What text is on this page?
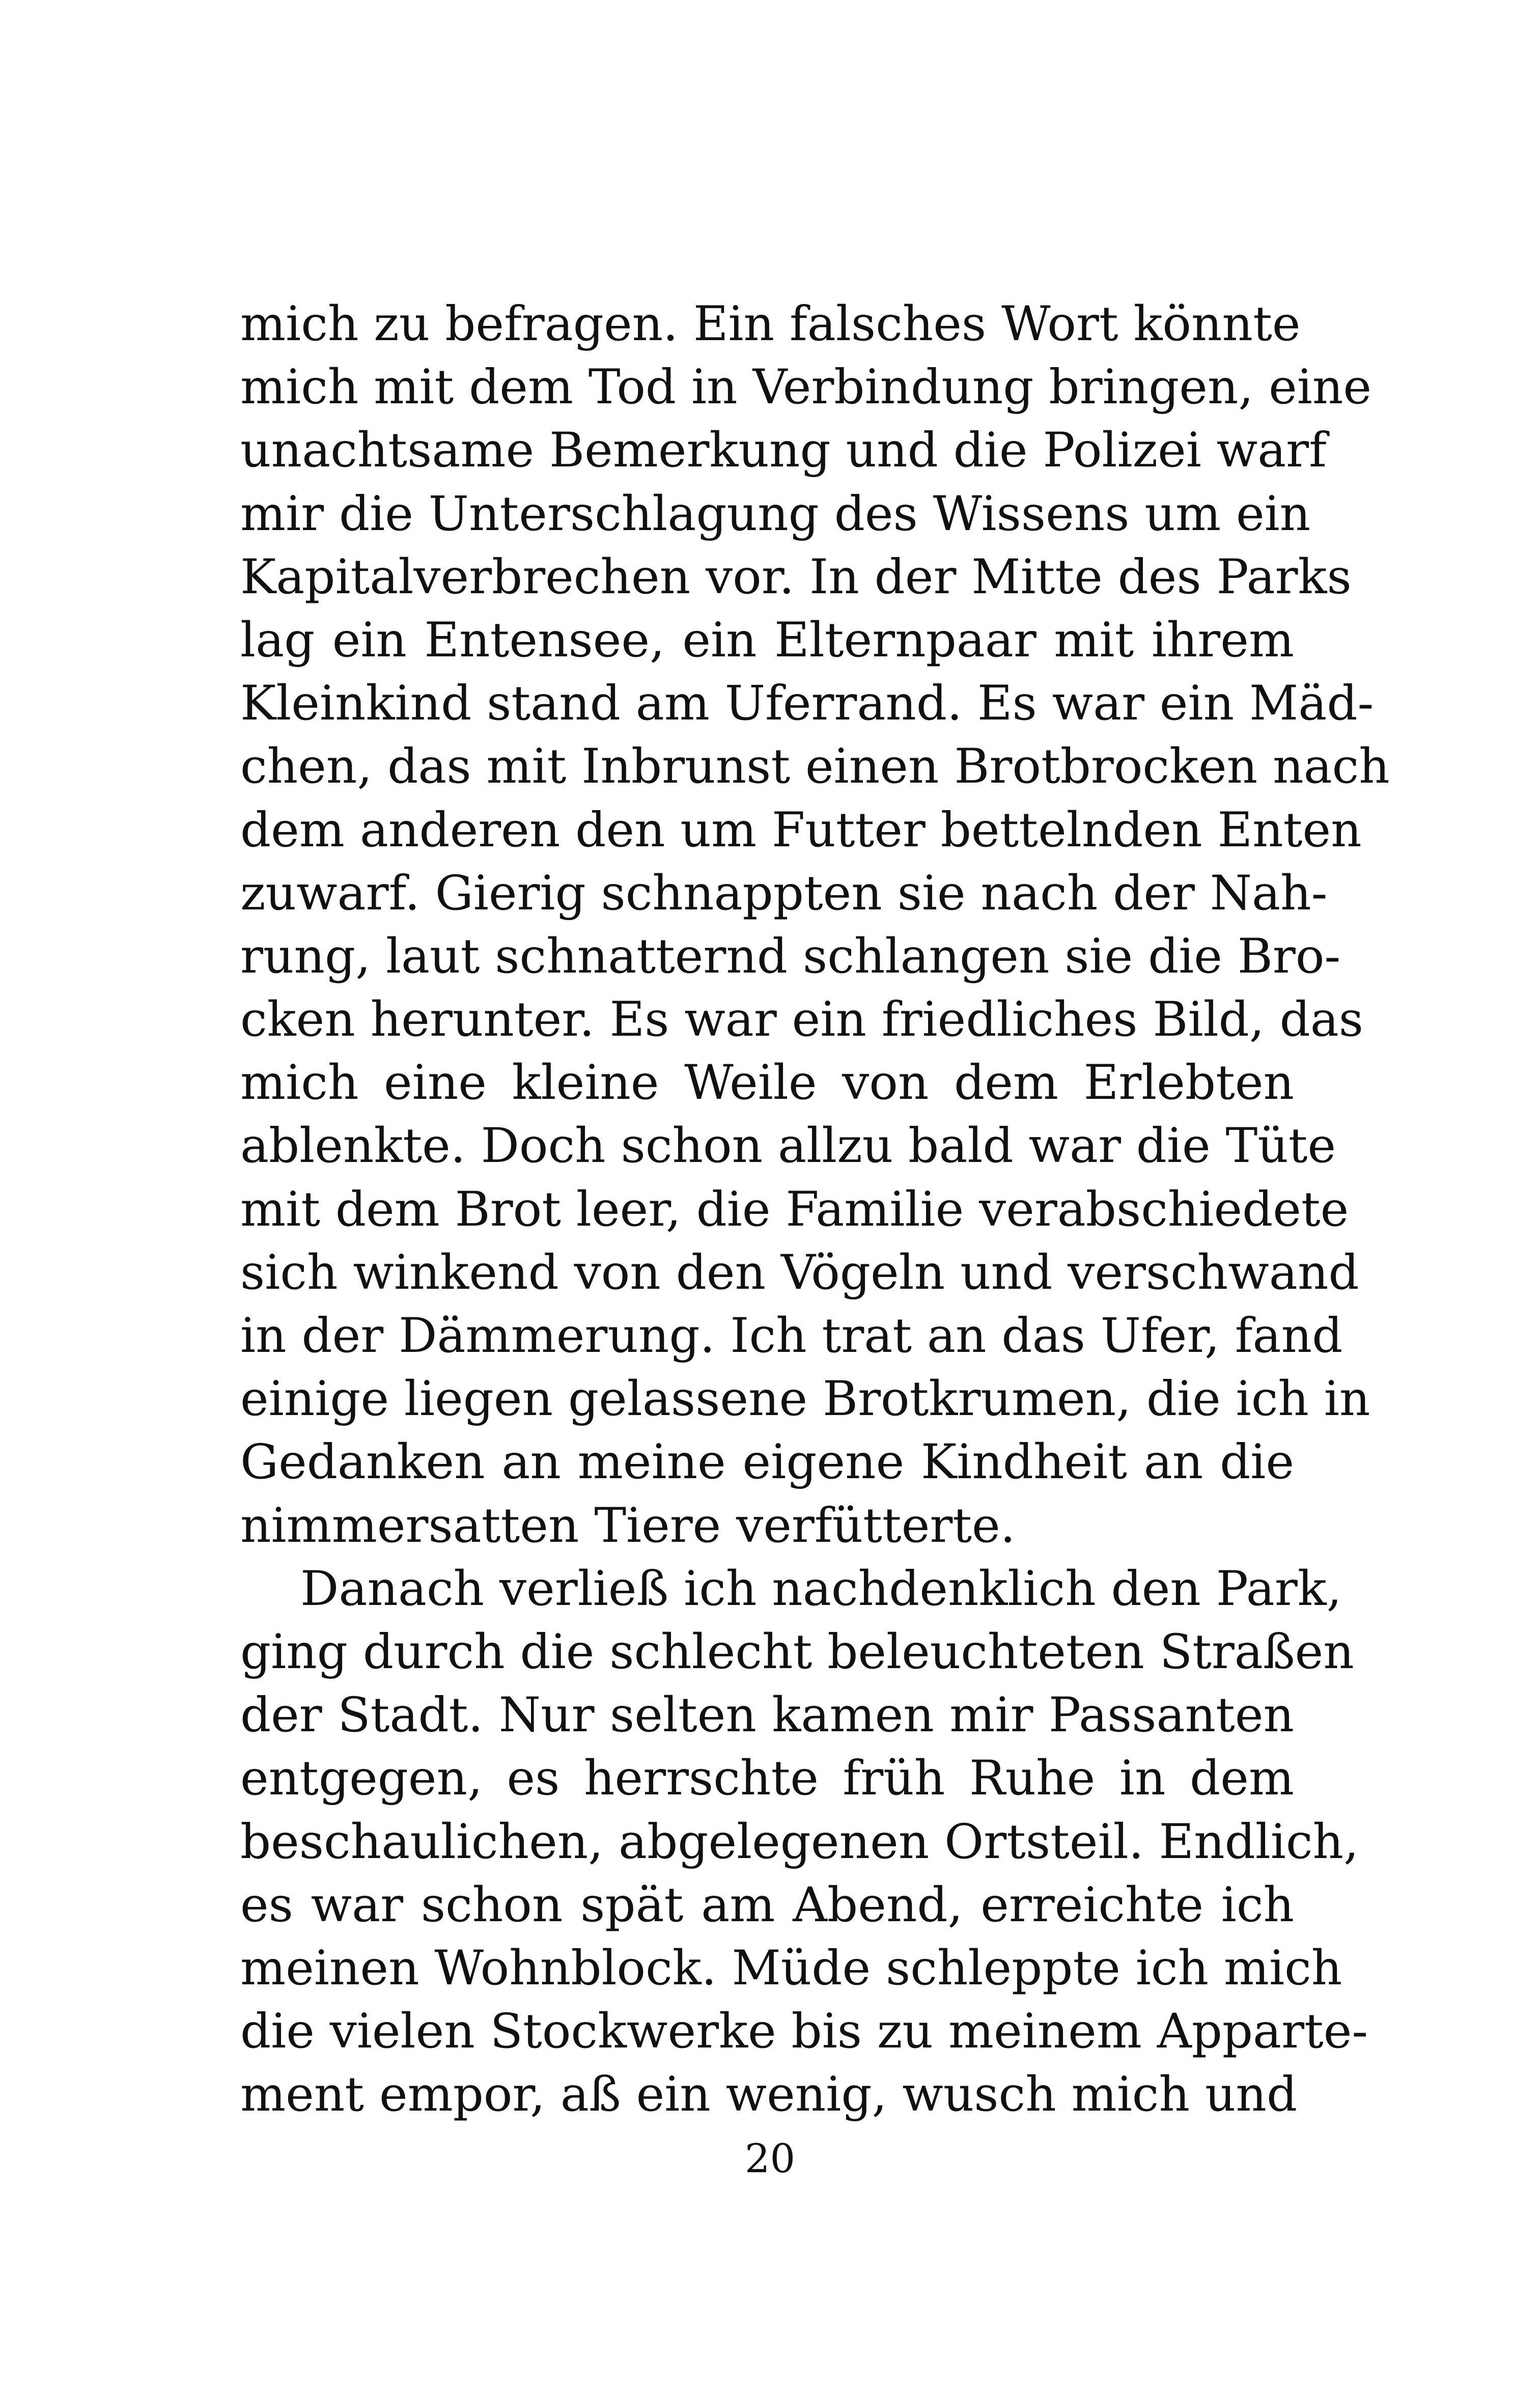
mich zu befragen. Ein falsches Wort könnte
mich mit dem Tod in Verbindung bringen, eine
unachtsame Bemerkung und die Polizei warf
mir die Unterschlagung des Wissens um ein
Kapitalverbrechen vor. In der Mitte des Parks
lag ein Entensee, ein Elternpaar mit ihrem
Kleinkind stand am Uferrand. Es war ein Mäd-
chen, das mit Inbrunst einen Brotbrocken nach
dem anderen den um Futter bettelnden Enten
zuwarf. Gierig schnappten sie nach der Nah-
rung, laut schnatternd schlangen sie die Bro-
cken herunter. Es war ein friedliches Bild, das
mich eine kleine Weile von dem Erlebten
ablenkte. Doch schon allzu bald war die Tüte
mit dem Brot leer, die Familie verabschiedete
sich winkend von den Vögeln und verschwand
in der Dämmerung. Ich trat an das Ufer, fand
einige liegen gelassene Brotkrumen, die ich in
Gedanken an meine eigene Kindheit an die
nimmersatten Tiere verfütterte.
Danach verließ ich nachdenklich den Park,
ging durch die schlecht beleuchteten Straßen
der Stadt. Nur selten kamen mir Passanten
entgegen, es herrschte früh Ruhe in dem
beschaulichen, abgelegenen Ortsteil. Endlich,
es war schon spät am Abend, erreichte ich
meinen Wohnblock. Müde schleppte ich mich
die vielen Stockwerke bis zu meinem Apparte-
ment empor, aß ein wenig, wusch mich und
20
